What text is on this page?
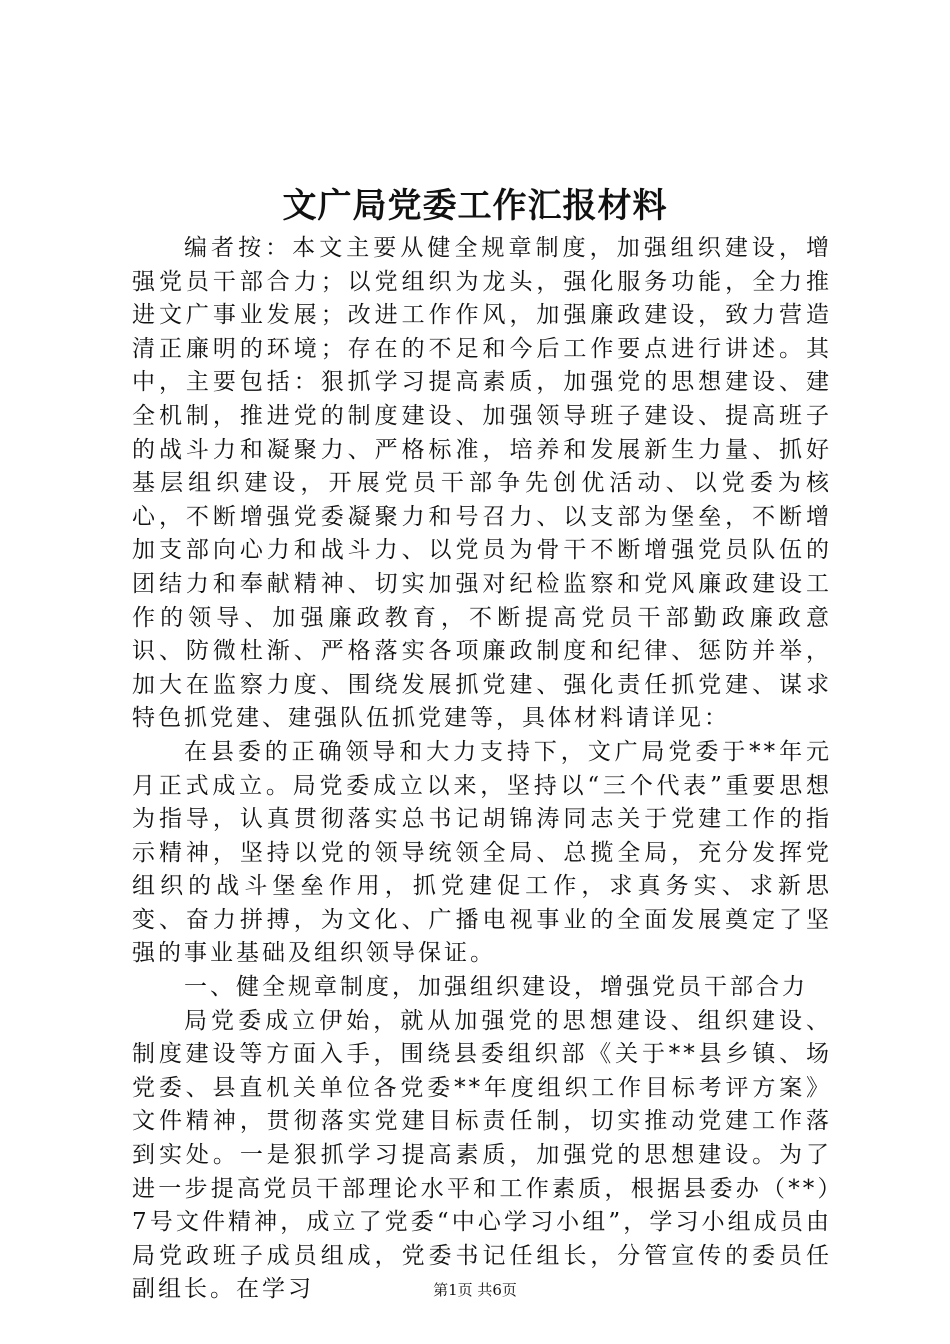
文广局党委工作汇报材料

编者按：本文主要从健全规章制度，加强组织建设，增强党员干部合力；以党组织为龙头，强化服务功能，全力推进文广事业发展；改进工作作风，加强廉政建设，致力营造清正廉明的环境；存在的不足和今后工作要点进行讲述。其中，主要包括：狠抓学习提高素质，加强党的思想建设、建全机制，推进党的制度建设、加强领导班子建设、提高班子的战斗力和凝聚力、严格标准，培养和发展新生力量、抓好基层组织建设，开展党员干部争先创优活动、以党委为核心，不断增强党委凝聚力和号召力、以支部为堡垒，不断增加支部向心力和战斗力、以党员为骨干不断增强党员队伍的团结力和奉献精神、切实加强对纪检监察和党风廉政建设工作的领导、加强廉政教育，不断提高党员干部勤政廉政意识、防微杜渐、严格落实各项廉政制度和纪律、惩防并举，加大在监察力度、围绕发展抓党建、强化责任抓党建、谋求特色抓党建、建强队伍抓党建等，具体材料请详见：

在县委的正确领导和大力支持下，文广局党委于**年元月正式成立。局党委成立以来，坚持以“三个代表”重要思想为指导，认真贯彻落实总书记胡锦涛同志关于党建工作的指示精神，坚持以党的领导统领全局、总揽全局，充分发挥党组织的战斗堡垒作用，抓党建促工作，求真务实、求新思变、奋力拼搏，为文化、广播电视事业的全面发展奠定了坚强的事业基础及组织领导保证。

一、健全规章制度，加强组织建设，增强党员干部合力

局党委成立伊始，就从加强党的思想建设、组织建设、制度建设等方面入手，围绕县委组织部《关于**县乡镇、场党委、县直机关单位各党委**年度组织工作目标考评方案》文件精神，贯彻落实党建目标责任制，切实推动党建工作落到实处。一是狠抓学习提高素质，加强党的思想建设。为了进一步提高党员干部理论水平和工作素质，根据县委办（**）7号文件精神，成立了党委“中心学习小组”，学习小组成员由局党政班子成员组成，党委书记任组长，分管宣传的委员任副组长。在学习	第1页 共6页
